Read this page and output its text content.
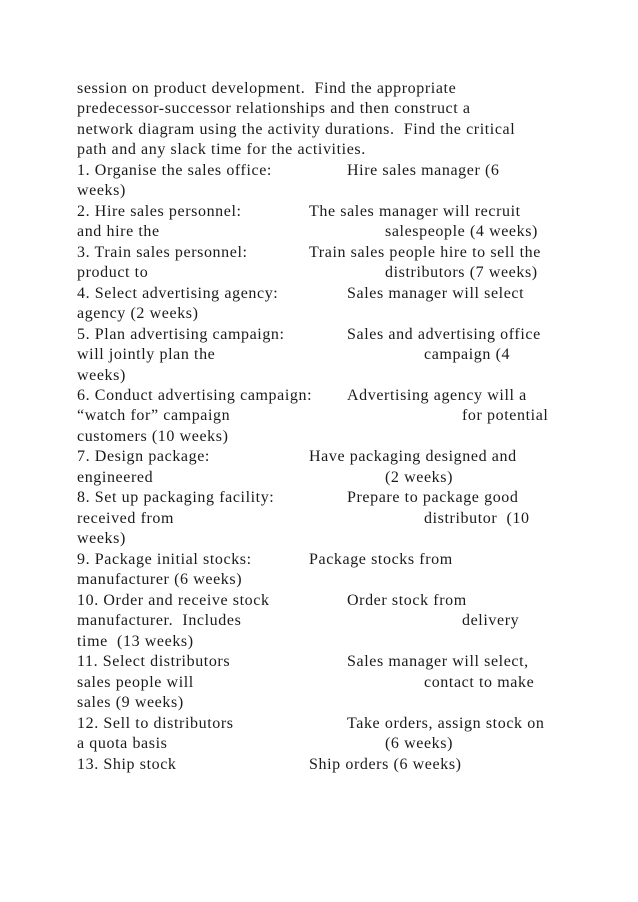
session on product development.  Find the appropriate
predecessor-successor relationships and then construct a
network diagram using the activity durations.  Find the critical
path and any slack time for the activities.
1. Organise the sales office:	Hire sales manager (6
weeks)
2. Hire sales personnel:	The sales manager will recruit
and hire the	salespeople (4 weeks)
3. Train sales personnel:	Train sales people hire to sell the
product to	distributors (7 weeks)
4. Select advertising agency:	Sales manager will select
agency (2 weeks)
5. Plan advertising campaign:	Sales and advertising office
will jointly plan the	campaign (4
weeks)
6. Conduct advertising campaign: Advertising agency will a
“watch for” campaign	for potential
customers (10 weeks)
7. Design package:	Have packaging designed and
engineered	(2 weeks)
8. Set up packaging facility:	Prepare to package good
received from	distributor  (10
weeks)
9. Package initial stocks:	Package stocks from
manufacturer (6 weeks)
10. Order and receive stock	Order stock from
manufacturer.  Includes	delivery
time  (13 weeks)
11. Select distributors	Sales manager will select,
sales people will	contact to make
sales (9 weeks)
12. Sell to distributors	Take orders, assign stock on
a quota basis	(6 weeks)
13. Ship stock	Ship orders (6 weeks)
